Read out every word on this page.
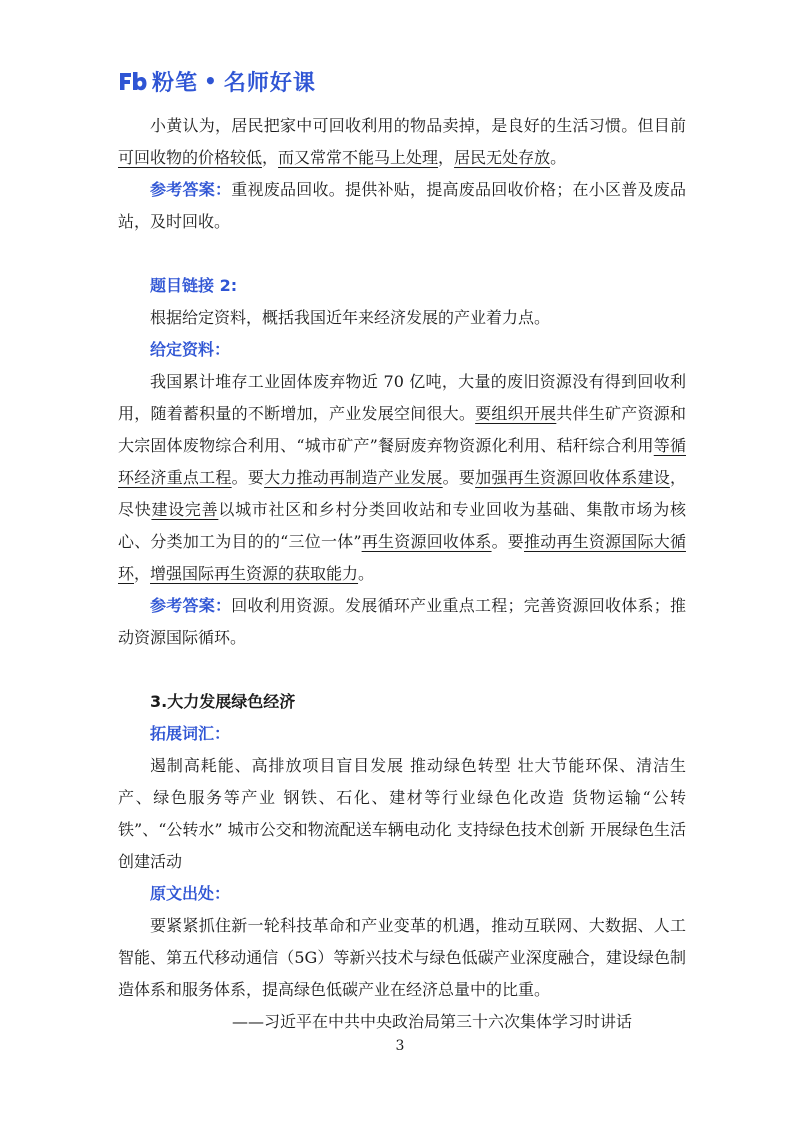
粉笔 • 名师好课

小黄认为，居民把家中可回收利用的物品卖掉，是良好的生活习惯。但目前可回收物的价格较低，而又常常不能马上处理，居民无处存放。

参考答案：重视废品回收。提供补贴，提高废品回收价格；在小区普及废品站，及时回收。

题目链接 2:

根据给定资料，概括我国近年来经济发展的产业着力点。

给定资料：

我国累计堆存工业固体废弃物近 70 亿吨，大量的废旧资源没有得到回收利用，随着蓄积量的不断增加，产业发展空间很大。要组织开展共伴生矿产资源和大宗固体废物综合利用、“城市矿产”餐厨废弃物资源化利用、秸秆综合利用等循环经济重点工程。要大力推动再制造产业发展。要加强再生资源回收体系建设，尽快建设完善以城市社区和乡村分类回收站和专业回收为基础、集散市场为核心、分类加工为目的的“三位一体”再生资源回收体系。要推动再生资源国际大循环，增强国际再生资源的获取能力。

参考答案：回收利用资源。发展循环产业重点工程；完善资源回收体系；推动资源国际循环。

3.大力发展绿色经济

拓展词汇：

遏制高耗能、高排放项目盲目发展 推动绿色转型 壮大节能环保、清洁生产、绿色服务等产业 钢铁、石化、建材等行业绿色化改造 货物运输“公转铁”、“公转水” 城市公交和物流配送车辆电动化 支持绿色技术创新 开展绿色生活创建活动

原文出处：

要紧紧抓住新一轮科技革命和产业变革的机遇，推动互联网、大数据、人工智能、第五代移动通信（5G）等新兴技术与绿色低碳产业深度融合，建设绿色制造体系和服务体系，提高绿色低碳产业在经济总量中的比重。

——习近平在中共中央政治局第三十六次集体学习时讲话

3
